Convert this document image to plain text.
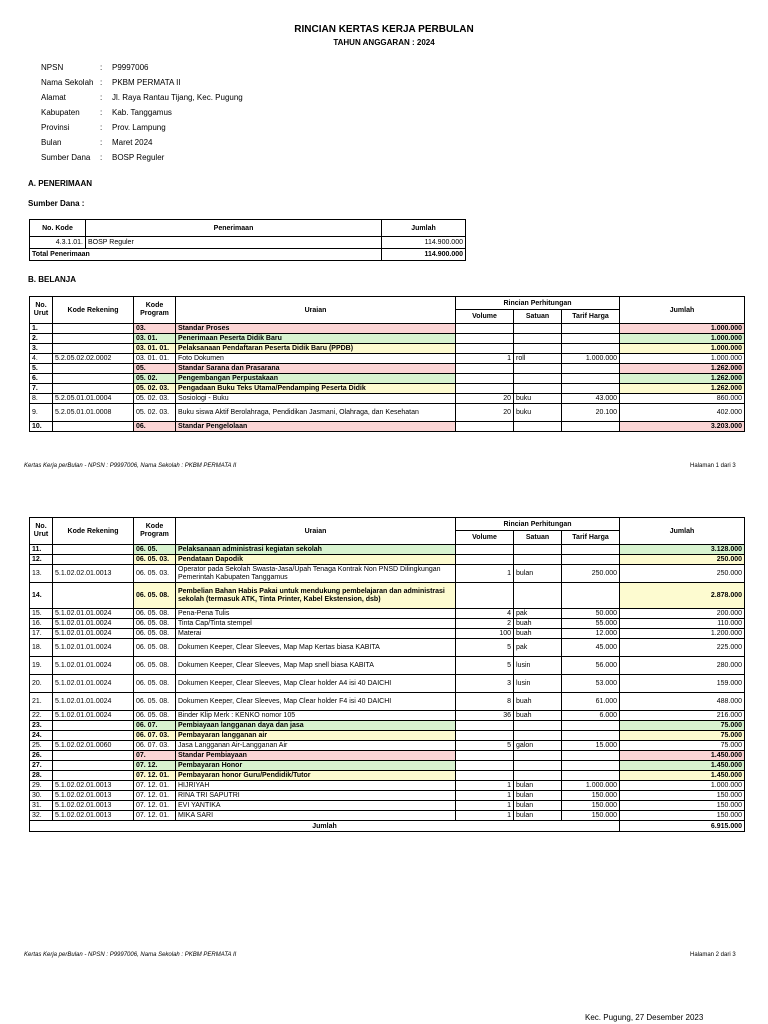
RINCIAN KERTAS KERJA PERBULAN
TAHUN ANGGARAN : 2024
NPSN	:	P9997006
Nama Sekolah :	PKBM PERMATA II
Alamat	:	Jl. Raya Rantau Tijang, Kec. Pugung
Kabupaten	:	Kab. Tanggamus
Provinsi	:	Prov. Lampung
Bulan	:	Maret 2024
Sumber Dana	:	BOSP Reguler
A. PENERIMAAN
Sumber Dana :
No. Kode	Penerimaan	Jumlah
4.3.1.01.	BOSP Reguler	114.900.000
Total Penerimaan		114.900.000
B. BELANJA
No. Urut	Kode Rekening	Kode Program	Uraian	Rincian Perhitungan			Jumlah
				Volume	Satuan	Tarif Harga	
1.		03.	Standar Proses				1.000.000
2.		03. 01.	Penerimaan Peserta Didik Baru				1.000.000
3.		03. 01. 01.	Pelaksanaan Pendaftaran Peserta Didik Baru (PPDB)				1.000.000
4.	5.2.05.02.02.0002	03. 01. 01.	Foto Dokumen	1	roll	1.000.000	1.000.000
5.		05.	Standar Sarana dan Prasarana				1.262.000
6.		05. 02.	Pengembangan Perpustakaan				1.262.000
7.		05. 02. 03.	Pengadaan Buku Teks Utama/Pendamping Peserta Didik				1.262.000
8.	5.2.05.01.01.0004	05. 02. 03.	Sosiologi - Buku	20	buku	43.000	860.000
9.	5.2.05.01.01.0008	05. 02. 03.	Buku siswa Aktif Berolahraga, Pendidikan Jasmani, Olahraga, dan Kesehatan	20	buku	20.100	402.000
10.		06.	Standar Pengelolaan				3.203.000
Kertas Kerja perBulan - NPSN : P9997006, Nama Sekolah : PKBM PERMATA II	Halaman 1 dari 3
No. Urut	Kode Rekening	Kode Program	Uraian	Rincian Perhitungan			Jumlah
				Volume	Satuan	Tarif Harga	
11.		06. 05.	Pelaksanaan administrasi kegiatan sekolah				3.128.000
12.		06. 05. 03.	Pendataan Dapodik				250.000
13.	5.1.02.02.01.0013	06. 05. 03.	Operator pada Sekolah Swasta-Jasa/Upah Tenaga Kontrak Non PNSD Dilingkungan Pemerintah Kabupaten Tanggamus	1	bulan	250.000	250.000
14.		06. 05. 08.	Pembelian Bahan Habis Pakai untuk mendukung pembelajaran dan administrasi sekolah (termasuk ATK, Tinta Printer, Kabel Ekstension, dsb)				2.878.000
15.	5.1.02.01.01.0024	06. 05. 08.	Pena-Pena Tulis	4	pak	50.000	200.000
16.	5.1.02.01.01.0024	06. 05. 08.	Tinta Cap/Tinta stempel	2	buah	55.000	110.000
17.	5.1.02.01.01.0024	06. 05. 08.	Materai	100	buah	12.000	1.200.000
18.	5.1.02.01.01.0024	06. 05. 08.	Dokumen Keeper, Clear Sleeves, Map Map Kertas biasa KABITA	5	pak	45.000	225.000
19.	5.1.02.01.01.0024	06. 05. 08.	Dokumen Keeper, Clear Sleeves, Map Map snell biasa KABITA	5	lusin	56.000	280.000
20.	5.1.02.01.01.0024	06. 05. 08.	Dokumen Keeper, Clear Sleeves, Map Clear holder A4 isi 40 DAICHI	3	lusin	53.000	159.000
21.	5.1.02.01.01.0024	06. 05. 08.	Dokumen Keeper, Clear Sleeves, Map Clear holder F4 isi 40 DAICHI	8	buah	61.000	488.000
22.	5.1.02.01.01.0024	06. 05. 08.	Binder Klip Merk : KENKO nomor 105	36	buah	6.000	216.000
23.		06. 07.	Pembiayaan langganan daya dan jasa				75.000
24.		06. 07. 03.	Pembayaran langganan air				75.000
25.	5.1.02.02.01.0060	06. 07. 03.	Jasa Langganan Air-Langganan Air	5	galon	15.000	75.000
26.		07.	Standar Pembiayaan				1.450.000
27.		07. 12.	Pembayaran Honor				1.450.000
28.		07. 12. 01.	Pembayaran honor Guru/Pendidik/Tutor				1.450.000
29.	5.1.02.02.01.0013	07. 12. 01.	HIJRIYAH	1	bulan	1.000.000	1.000.000
30.	5.1.02.02.01.0013	07. 12. 01.	RINA TRI SAPUTRI	1	bulan	150.000	150.000
31.	5.1.02.02.01.0013	07. 12. 01.	EVI YANTIKA	1	bulan	150.000	150.000
32.	5.1.02.02.01.0013	07. 12. 01.	MIKA SARI	1	bulan	150.000	150.000
Jumlah							6.915.000
Kertas Kerja perBulan - NPSN : P9997006, Nama Sekolah : PKBM PERMATA II	Halaman 2 dari 3
Kec. Pugung, 27 Desember 2023
